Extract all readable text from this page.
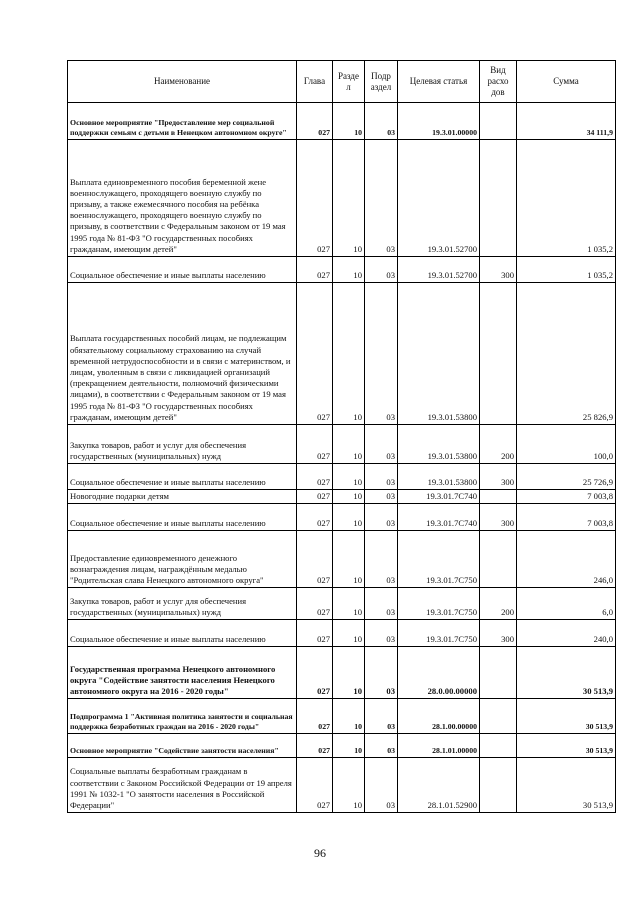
Наименование	Глава	Разде л	Подр аздел	Целевая статья	Вид расхо дов	Сумма
Основное мероприятие "Предоставление мер социальной поддержки семьям с детьми в Ненецком автономном округе"	027	10	03	19.3.01.00000		34 111,9
Выплата единовременного пособия беременной жене военнослужащего, проходящего военную службу по призыву, а также ежемесячного пособия на ребёнка военнослужащего, проходящего военную службу по призыву, в соответствии с Федеральным законом от 19 мая 1995 года № 81-ФЗ "О государственных пособиях гражданам, имеющим детей"	027	10	03	19.3.01.52700		1 035,2
Социальное обеспечение и иные выплаты населению	027	10	03	19.3.01.52700	300	1 035,2
Выплата государственных пособий лицам, не подлежащим обязательному социальному страхованию на случай временной нетрудоспособности и в связи с материнством, и лицам, уволенным в связи с ликвидацией организаций (прекращением деятельности, полномочий физическими лицами), в соответствии с Федеральным законом от 19 мая 1995 года № 81-ФЗ "О государственных пособиях гражданам, имеющим детей"	027	10	03	19.3.01.53800		25 826,9
Закупка товаров, работ и услуг для обеспечения государственных (муниципальных) нужд	027	10	03	19.3.01.53800	200	100,0
Социальное обеспечение и иные выплаты населению	027	10	03	19.3.01.53800	300	25 726,9
Новогодние подарки детям	027	10	03	19.3.01.7C740		7 003,8
Социальное обеспечение и иные выплаты населению	027	10	03	19.3.01.7C740	300	7 003,8
Предоставление единовременного денежного вознаграждения лицам, награждённым медалью "Родительская слава Ненецкого автономного округа"	027	10	03	19.3.01.7C750		246,0
Закупка товаров, работ и услуг для обеспечения государственных (муниципальных) нужд	027	10	03	19.3.01.7C750	200	6,0
Социальное обеспечение и иные выплаты населению	027	10	03	19.3.01.7C750	300	240,0
Государственная программа Ненецкого автономного округа "Содействие занятости населения Ненецкого автономного округа на 2016 - 2020 годы"	027	10	03	28.0.00.00000		30 513,9
Подпрограмма 1 "Активная политика занятости и социальная поддержка безработных граждан на 2016 - 2020 годы"	027	10	03	28.1.00.00000		30 513,9
Основное мероприятие "Содействие занятости населения"	027	10	03	28.1.01.00000		30 513,9
Социальные выплаты безработным гражданам в соответствии с Законом Российской Федерации от 19 апреля 1991 № 1032-1 "О занятости населения в Российской Федерации"	027	10	03	28.1.01.52900		30 513,9
96
